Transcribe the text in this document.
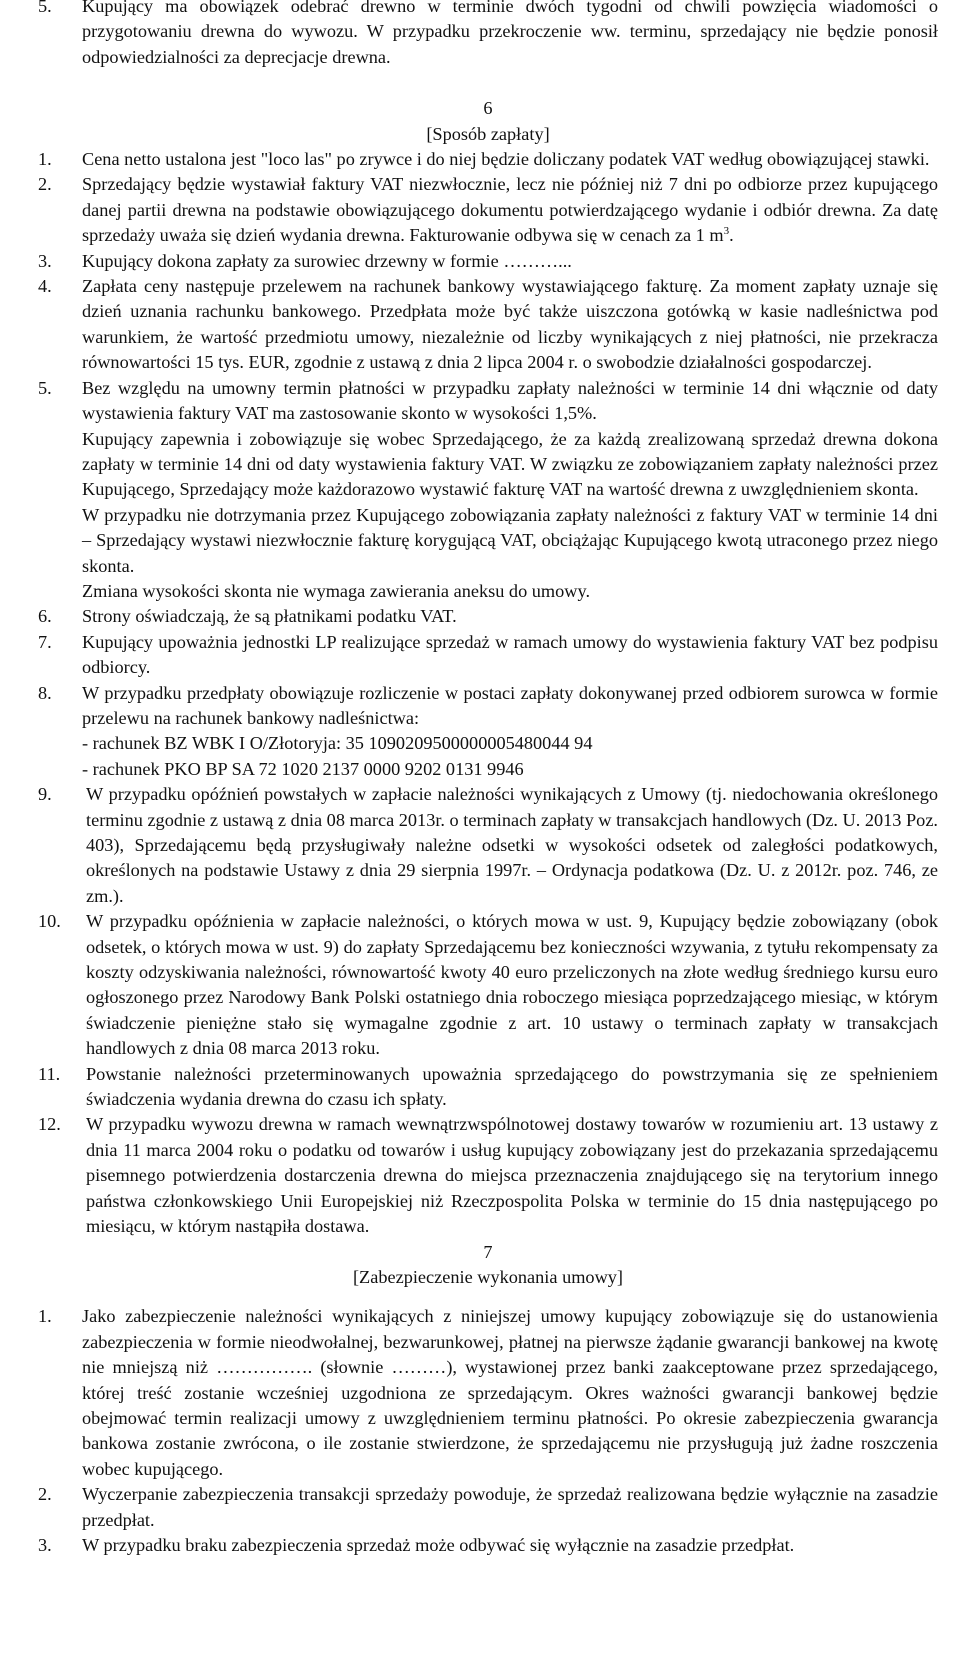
5. Kupujący ma obowiązek odebrać drewno w terminie dwóch tygodni od chwili powzięcia wiadomości o przygotowaniu drewna do wywozu. W przypadku przekroczenie ww. terminu, sprzedający nie będzie ponosił odpowiedzialności za deprecjacje drewna.

6

[Sposób zapłaty]

1. Cena netto ustalona jest "loco las" po zrywce i do niej będzie doliczany podatek VAT według obowiązującej stawki.

2. Sprzedający będzie wystawiał faktury VAT niezwłocznie, lecz nie później niż 7 dni po odbiorze przez kupującego danej partii drewna na podstawie obowiązującego dokumentu potwierdzającego wydanie i odbiór drewna. Za datę sprzedaży uważa się dzień wydania drewna. Fakturowanie odbywa się w cenach za 1 $m^3$.

3. Kupujący dokona zapłaty za surowiec drzewny w formie ………...

4. Zapłata ceny następuje przelewem na rachunek bankowy wystawiającego fakturę. Za moment zapłaty uznaje się dzień uznania rachunku bankowego. Przedpłata może być także uiszczona gotówką w kasie nadleśnictwa pod warunkiem, że wartość przedmiotu umowy, niezależnie od liczby wynikających z niej płatności, nie przekracza równowartości 15 tys. EUR, zgodnie z ustawą z dnia 2 lipca 2004 r. o swobodzie działalności gospodarczej.

5. Bez względu na umowny termin płatności w przypadku zapłaty należności w terminie 14 dni włącznie od daty wystawienia faktury VAT ma zastosowanie skonto w wysokości 1,5%.

Kupujący zapewnia i zobowiązuje się wobec Sprzedającego, że za każdą zrealizowaną sprzedaż drewna dokona zapłaty w terminie 14 dni od daty wystawienia faktury VAT. W związku ze zobowiązaniem zapłaty należności przez Kupującego, Sprzedający może każdorazowo wystawić fakturę VAT na wartość drewna z uwzględnieniem skonta.

W przypadku nie dotrzymania przez Kupującego zobowiązania zapłaty należności z faktury VAT w terminie 14 dni – Sprzedający wystawi niezwłocznie fakturę korygującą VAT, obciążając Kupującego kwotą utraconego przez niego skonta.

Zmiana wysokości skonta nie wymaga zawierania aneksu do umowy.

6. Strony oświadczają, że są płatnikami podatku VAT.

7. Kupujący upoważnia jednostki LP realizujące sprzedaż w ramach umowy do wystawienia faktury VAT bez podpisu odbiorcy.

8. W przypadku przedpłaty obowiązuje rozliczenie w postaci zapłaty dokonywanej przed odbiorem surowca w formie przelewu na rachunek bankowy nadleśnictwa:

- rachunek BZ WBK I O/Złotoryja: 35 1090209500000005480044 94

- rachunek PKO BP SA 72 1020 2137 0000 9202 0131 9946

9. W przypadku opóźnień powstałych w zapłacie należności wynikających z Umowy (tj. niedochowania określonego terminu zgodnie z ustawą z dnia 08 marca 2013r. o terminach zapłaty w transakcjach handlowych (Dz. U. 2013 Poz. 403), Sprzedającemu będą przysługiwały należne odsetki w wysokości odsetek od zaległości podatkowych, określonych na podstawie Ustawy z dnia 29 sierpnia 1997r. – Ordynacja podatkowa (Dz. U. z 2012r. poz. 746, ze zm.).

10. W przypadku opóźnienia w zapłacie należności, o których mowa w ust. 9, Kupujący będzie zobowiązany (obok odsetek, o których mowa w ust. 9) do zapłaty Sprzedającemu bez konieczności wzywania, z tytułu rekompensaty za koszty odzyskiwania należności, równowartość kwoty 40 euro przeliczonych na złote według średniego kursu euro ogłoszonego przez Narodowy Bank Polski ostatniego dnia roboczego miesiąca poprzedzającego miesiąc, w którym świadczenie pieniężne stało się wymagalne zgodnie z art. 10 ustawy o terminach zapłaty w transakcjach handlowych z dnia 08 marca 2013 roku.

11. Powstanie należności przeterminowanych upoważnia sprzedającego do powstrzymania się ze spełnieniem świadczenia wydania drewna do czasu ich spłaty.

12. W przypadku wywozu drewna w ramach wewnątrzwspólnotowej dostawy towarów w rozumieniu art. 13 ustawy z dnia 11 marca 2004 roku o podatku od towarów i usług kupujący zobowiązany jest do przekazania sprzedającemu pisemnego potwierdzenia dostarczenia drewna do miejsca przeznaczenia znajdującego się na terytorium innego państwa członkowskiego Unii Europejskiej niż Rzeczpospolita Polska w terminie do 15 dnia następującego po miesiącu, w którym nastąpiła dostawa.

7

[Zabezpieczenie wykonania umowy]

1. Jako zabezpieczenie należności wynikających z niniejszej umowy kupujący zobowiązuje się do ustanowienia zabezpieczenia w formie nieodwołalnej, bezwarunkowej, płatnej na pierwsze żądanie gwarancji bankowej na kwotę nie mniejszą niż ……………. (słownie ………), wystawionej przez banki zaakceptowane przez sprzedającego, której treść zostanie wcześniej uzgodniona ze sprzedającym. Okres ważności gwarancji bankowej będzie obejmować termin realizacji umowy z uwzględnieniem terminu płatności. Po okresie zabezpieczenia gwarancja bankowa zostanie zwrócona, o ile zostanie stwierdzone, że sprzedającemu nie przysługują już żadne roszczenia wobec kupującego.

2. Wyczerpanie zabezpieczenia transakcji sprzedaży powoduje, że sprzedaż realizowana będzie wyłącznie na zasadzie przedpłat.

3. W przypadku braku zabezpieczenia sprzedaż może odbywać się wyłącznie na zasadzie przedpłat.
